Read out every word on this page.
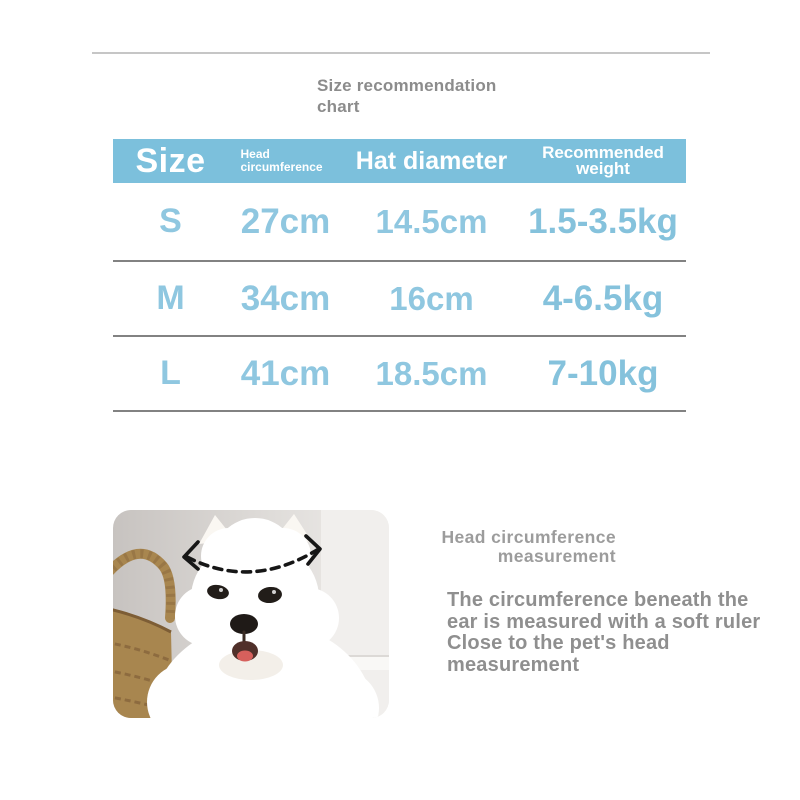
Size recommendation
chart
Size	Head circumference	Hat diameter	Recommended weight
S	27cm	14.5cm	1.5-3.5kg
M	34cm	16cm	4-6.5kg
L	41cm	18.5cm	7-10kg
Head circumference
measurement
The circumference beneath the
ear is measured with a soft ruler
Close to the pet's head
measurement
